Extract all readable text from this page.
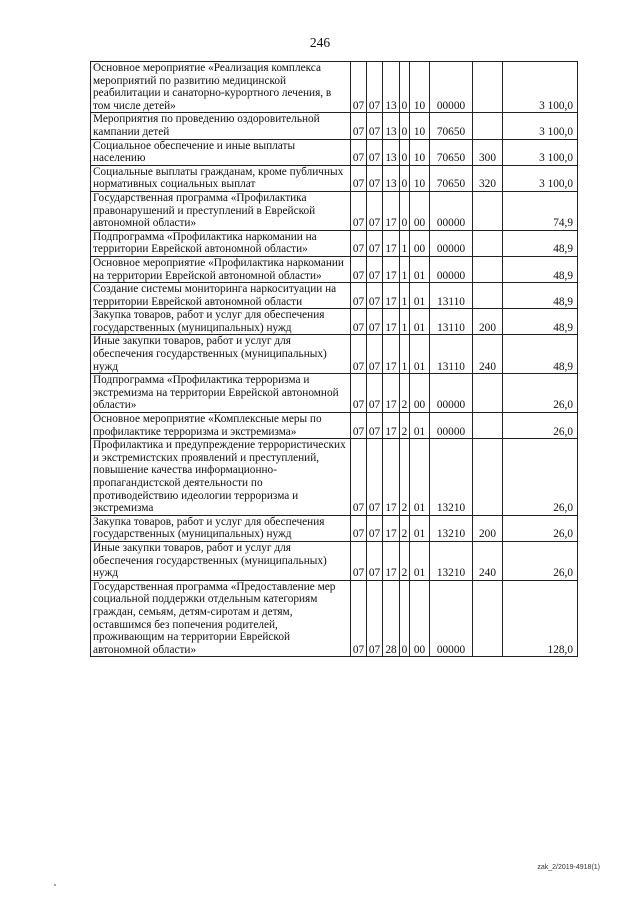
246
Основное мероприятие «Реализация комплекса мероприятий по развитию медицинской реабилитации и санаторно-курортного лечения, в том числе детей»	07	07	13	0	10	00000		3 100,0
Мероприятия по проведению оздоровительной кампании детей	07	07	13	0	10	70650		3 100,0
Социальное обеспечение и иные выплаты населению	07	07	13	0	10	70650	300	3 100,0
Социальные выплаты гражданам, кроме публичных нормативных социальных выплат	07	07	13	0	10	70650	320	3 100,0
Государственная программа «Профилактика правонарушений и преступлений в Еврейской автономной области»	07	07	17	0	00	00000		74,9
Подпрограмма «Профилактика наркомании на территории Еврейской автономной области»	07	07	17	1	00	00000		48,9
Основное мероприятие «Профилактика наркомании на территории Еврейской автономной области»	07	07	17	1	01	00000		48,9
Создание системы мониторинга наркоситуации на территории Еврейской автономной области	07	07	17	1	01	13110		48,9
Закупка товаров, работ и услуг для обеспечения государственных (муниципальных) нужд	07	07	17	1	01	13110	200	48,9
Иные закупки товаров, работ и услуг для обеспечения государственных (муниципальных) нужд	07	07	17	1	01	13110	240	48,9
Подпрограмма «Профилактика терроризма и экстремизма на территории Еврейской автономной области»	07	07	17	2	00	00000		26,0
Основное мероприятие «Комплексные меры по профилактике терроризма и экстремизма»	07	07	17	2	01	00000		26,0
Профилактика и предупреждение террористических и экстремистских проявлений и преступлений, повышение качества информационно-пропагандистской деятельности по противодействию идеологии терроризма и экстремизма	07	07	17	2	01	13210		26,0
Закупка товаров, работ и услуг для обеспечения государственных (муниципальных) нужд	07	07	17	2	01	13210	200	26,0
Иные закупки товаров, работ и услуг для обеспечения государственных (муниципальных) нужд	07	07	17	2	01	13210	240	26,0
Государственная программа «Предоставление мер социальной поддержки отдельным категориям граждан, семьям, детям-сиротам и детям, оставшимся без попечения родителей, проживающим на территории Еврейской автономной области»	07	07	28	0	00	00000		128,0
zak_2/2019-4918(1)
